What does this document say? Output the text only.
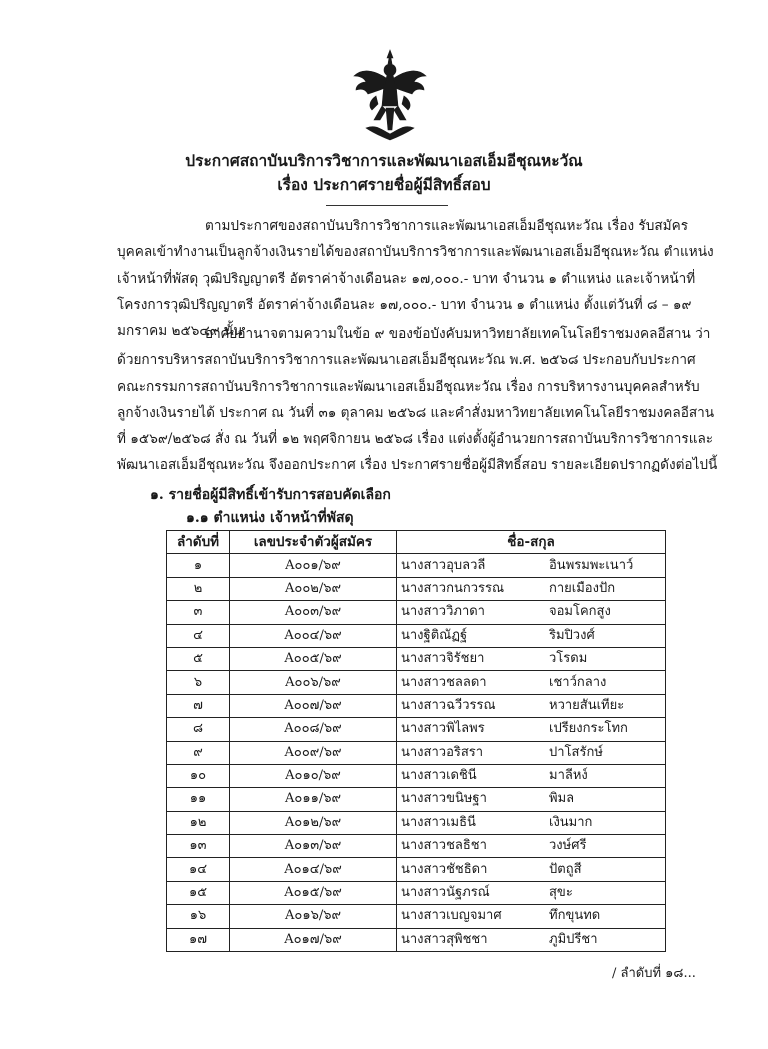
ประกาศสถาบันบริการวิชาการและพัฒนาเอสเอ็มอีชุณหะวัณ
เรื่อง ประกาศรายชื่อผู้มีสิทธิ์สอบ
ตามประกาศของสถาบันบริการวิชาการและพัฒนาเอสเอ็มอีชุณหะวัณ เรื่อง รับสมัครบุคคลเข้าทำงานเป็นลูกจ้างเงินรายได้ของสถาบันบริการวิชาการและพัฒนาเอสเอ็มอีชุณหะวัณ ตำแหน่ง เจ้าหน้าที่พัสดุ วุฒิปริญญาตรี อัตราค่าจ้างเดือนละ ๑๗,๐๐๐.- บาท จำนวน ๑ ตำแหน่ง และเจ้าหน้าที่โครงการวุฒิปริญญาตรี อัตราค่าจ้างเดือนละ ๑๗,๐๐๐.- บาท จำนวน ๑ ตำแหน่ง ตั้งแต่วันที่ ๘ – ๑๙ มกราคม ๒๕๖๔๙ นั้น
อาศัยอำนาจตามความในข้อ ๙ ของข้อบังคับมหาวิทยาลัยเทคโนโลยีราชมงคลอีสาน ว่าด้วยการบริหารสถาบันบริการวิชาการและพัฒนาเอสเอ็มอีชุณหะวัณ พ.ศ. ๒๕๖๘ ประกอบกับประกาศคณะกรรมการสถาบันบริการวิชาการและพัฒนาเอสเอ็มอีชุณหะวัณ เรื่อง การบริหารงานบุคคลสำหรับลูกจ้างเงินรายได้ ประกาศ ณ วันที่ ๓๑ ตุลาคม ๒๕๖๘ และคำสั่งมหาวิทยาลัยเทคโนโลยีราชมงคลอีสาน ที่ ๑๕๖๙/๒๕๖๘ สั่ง ณ วันที่ ๑๒ พฤศจิกายน ๒๕๖๘ เรื่อง แต่งตั้งผู้อำนวยการสถาบันบริการวิชาการและพัฒนาเอสเอ็มอีชุณหะวัณ จึงออกประกาศ เรื่อง ประกาศรายชื่อผู้มีสิทธิ์สอบ รายละเอียดปรากฏดังต่อไปนี้
๑. รายชื่อผู้มีสิทธิ์เข้ารับการสอบคัดเลือก
๑.๑ ตำแหน่ง เจ้าหน้าที่พัสดุ
ลำดับที่	เลขประจำตัวผู้สมัคร	ชื่อ-สกุล
๑	A๐๐๑/๖๙	นางสาวอุบลวลี อินพรมพะเนาว์
๒	A๐๐๒/๖๙	นางสาวกนกวรรณ กายเมืองปัก
๓	A๐๐๓/๖๙	นางสาววิภาดา จอมโคกสูง
๔	A๐๐๔/๖๙	นางฐิติณัฏฐ์ ริมปิวงศ์
๕	A๐๐๕/๖๙	นางสาวจิรัชยา วโรดม
๖	A๐๐๖/๖๙	นางสาวชลลดา เชาว์กลาง
๗	A๐๐๗/๖๙	นางสาวฉวีวรรณ หวายสันเทียะ
๘	A๐๐๘/๖๙	นางสาวพิไลพร เปรียงกระโทก
๙	A๐๐๙/๖๙	นางสาวอริสรา ปาโสรักษ์
๑๐	A๐๑๐/๖๙	นางสาวเดชินี มาลีหง์
๑๑	A๐๑๑/๖๙	นางสาวขนิษฐา พิมล
๑๒	A๐๑๒/๖๙	นางสาวเมธินี เงินมาก
๑๓	A๐๑๓/๖๙	นางสาวชลธิชา วงษ์ศรี
๑๔	A๐๑๔/๖๙	นางสาวชัชธิดา ปัตถูสี
๑๕	A๐๑๕/๖๙	นางสาวนัฐภรณ์ สุขะ
๑๖	A๐๑๖/๖๙	นางสาวเบญจมาศ ทึกขุนทด
๑๗	A๐๑๗/๖๙	นางสาวสุพิชชา ภูมิปรีชา
/ ลำดับที่ ๑๘...
